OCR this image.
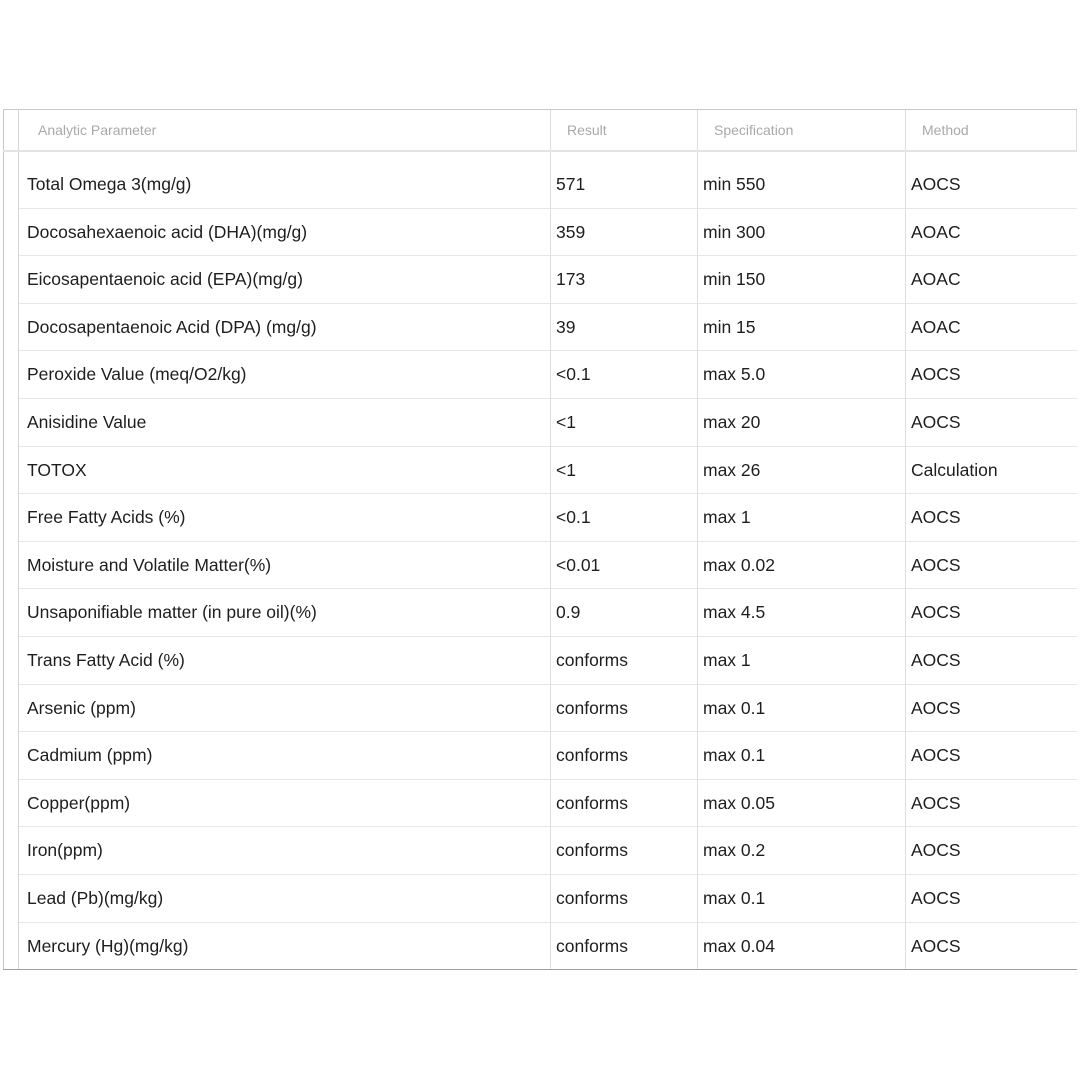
Analytic Parameter	Result	Specification	Method
Total Omega 3(mg/g)	571	min 550	AOCS
Docosahexaenoic acid (DHA)(mg/g)	359	min 300	AOAC
Eicosapentaenoic acid (EPA)(mg/g)	173	min 150	AOAC
Docosapentaenoic Acid (DPA) (mg/g)	39	min 15	AOAC
Peroxide Value (meq/O2/kg)	<0.1	max 5.0	AOCS
Anisidine Value	<1	max 20	AOCS
TOTOX	<1	max 26	Calculation
Free Fatty Acids (%)	<0.1	max 1	AOCS
Moisture and Volatile Matter(%)	<0.01	max 0.02	AOCS
Unsaponifiable matter (in pure oil)(%)	0.9	max 4.5	AOCS
Trans Fatty Acid (%)	conforms	max 1	AOCS
Arsenic (ppm)	conforms	max 0.1	AOCS
Cadmium (ppm)	conforms	max 0.1	AOCS
Copper(ppm)	conforms	max 0.05	AOCS
Iron(ppm)	conforms	max 0.2	AOCS
Lead (Pb)(mg/kg)	conforms	max 0.1	AOCS
Mercury (Hg)(mg/kg)	conforms	max 0.04	AOCS
